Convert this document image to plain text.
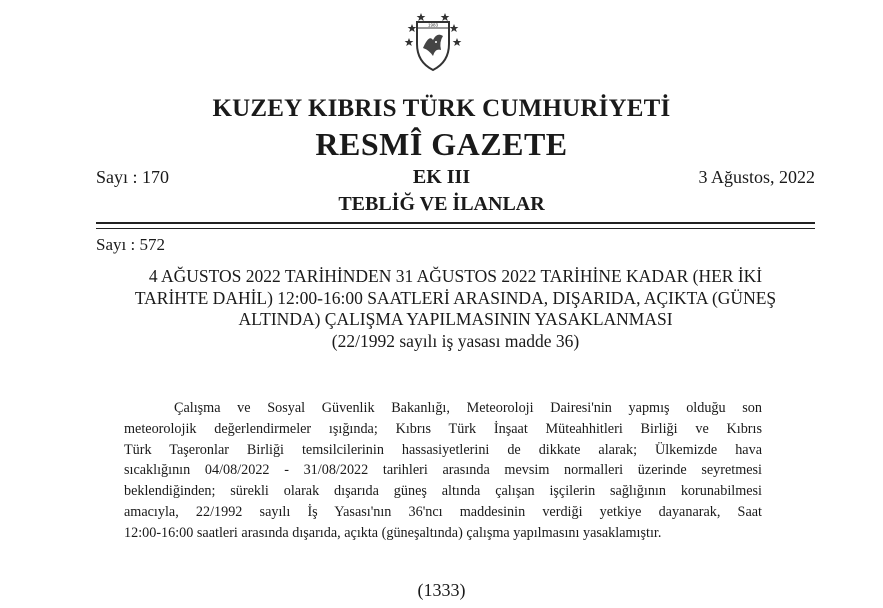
1983
KUZEY KIBRIS TÜRK CUMHURİYETİ
RESMÎ GAZETE
Sayı : 170	EK III	3 Ağustos, 2022
TEBLİĞ VE İLANLAR
Sayı : 572
4 AĞUSTOS 2022 TARİHİNDEN 31 AĞUSTOS 2022 TARİHİNE KADAR (HER İKİ
TARİHTE DAHİL) 12:00-16:00 SAATLERİ ARASINDA, DIŞARIDA, AÇIKTA (GÜNEŞ
ALTINDA) ÇALIŞMA YAPILMASININ YASAKLANMASI
(22/1992 sayılı iş yasası madde 36)
Çalışma ve Sosyal Güvenlik Bakanlığı, Meteoroloji Dairesi'nin yapmış olduğu son
meteorolojik değerlendirmeler ışığında; Kıbrıs Türk İnşaat Müteahhitleri Birliği ve Kıbrıs
Türk Taşeronlar Birliği temsilcilerinin hassasiyetlerini de dikkate alarak; Ülkemizde hava
sıcaklığının 04/08/2022 - 31/08/2022 tarihleri arasında mevsim normalleri üzerinde seyretmesi
beklendiğinden; sürekli olarak dışarıda güneş altında çalışan işçilerin sağlığının korunabilmesi
amacıyla, 22/1992 sayılı İş Yasası'nın 36'ncı maddesinin verdiği yetkiye dayanarak, Saat
12:00-16:00 saatleri arasında dışarıda, açıkta (güneşaltında) çalışma yapılmasını yasaklamıştır.
(1333)
